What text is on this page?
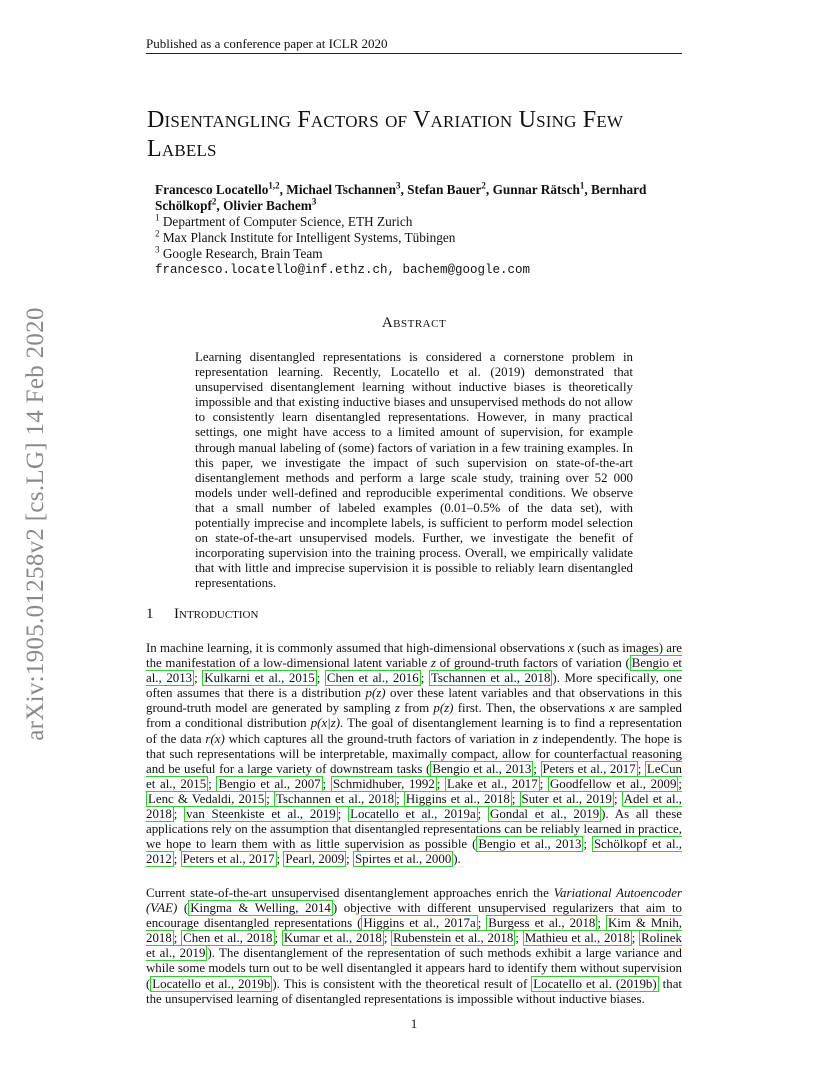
Published as a conference paper at ICLR 2020
arXiv:1905.01258v2 [cs.LG] 14 Feb 2020
Disentangling Factors of Variation Using Few Labels
Francesco Locatello$^{1,2}$, Michael Tschannen$^3$, Stefan Bauer$^2$, Gunnar Rätsch$^1$, Bernhard Schölkopf$^2$, Olivier Bachem$^3$
$^1$ Department of Computer Science, ETH Zurich
$^2$ Max Planck Institute for Intelligent Systems, Tübingen
$^3$ Google Research, Brain Team
francesco.locatello@inf.ethz.ch, bachem@google.com
Abstract
Learning disentangled representations is considered a cornerstone problem in representation learning. Recently, Locatello et al. (2019) demonstrated that unsupervised disentanglement learning without inductive biases is theoretically impossible and that existing inductive biases and unsupervised methods do not allow to consistently learn disentangled representations. However, in many practical settings, one might have access to a limited amount of supervision, for example through manual labeling of (some) factors of variation in a few training examples. In this paper, we investigate the impact of such supervision on state-of-the-art disentanglement methods and perform a large scale study, training over 52 000 models under well-defined and reproducible experimental conditions. We observe that a small number of labeled examples (0.01–0.5% of the data set), with potentially imprecise and incomplete labels, is sufficient to perform model selection on state-of-the-art unsupervised models. Further, we investigate the benefit of incorporating supervision into the training process. Overall, we empirically validate that with little and imprecise supervision it is possible to reliably learn disentangled representations.
1 Introduction
In machine learning, it is commonly assumed that high-dimensional observations x (such as images) are the manifestation of a low-dimensional latent variable z of ground-truth factors of variation ( Bengio et al., 2013 ; Kulkarni et al., 2015 ; Chen et al., 2016 ; Tschannen et al., 2018 ). More specifically, one often assumes that there is a distribution p(z) over these latent variables and that observations in this ground-truth model are generated by sampling z from p(z) first. Then, the observations x are sampled from a conditional distribution p(x|z). The goal of disentanglement learning is to find a representation of the data r(x) which captures all the ground-truth factors of variation in z independently. The hope is that such representations will be interpretable, maximally compact, allow for counterfactual reasoning and be useful for a large variety of downstream tasks ( Bengio et al., 2013 ; Peters et al., 2017 ; LeCun et al., 2015 ; Bengio et al., 2007 ; Schmidhuber, 1992 ; Lake et al., 2017 ; Goodfellow et al., 2009 ; Lenc & Vedaldi, 2015 ; Tschannen et al., 2018 ; Higgins et al., 2018 ; Suter et al., 2019 ; Adel et al., 2018 ; van Steenkiste et al., 2019 ; Locatello et al., 2019a ; Gondal et al., 2019 ). As all these applications rely on the assumption that disentangled representations can be reliably learned in practice, we hope to learn them with as little supervision as possible ( Bengio et al., 2013 ; Schölkopf et al., 2012 ; Peters et al., 2017 ; Pearl, 2009 ; Spirtes et al., 2000 ).
Current state-of-the-art unsupervised disentanglement approaches enrich the Variational Autoencoder (VAE) ( Kingma & Welling, 2014 ) objective with different unsupervised regularizers that aim to encourage disentangled representations ( Higgins et al., 2017a ; Burgess et al., 2018 ; Kim & Mnih, 2018 ; Chen et al., 2018 ; Kumar et al., 2018 ; Rubenstein et al., 2018 ; Mathieu et al., 2018 ; Rolinek et al., 2019 ). The disentanglement of the representation of such methods exhibit a large variance and while some models turn out to be well disentangled it appears hard to identify them without supervision ( Locatello et al., 2019b ). This is consistent with the theoretical result of Locatello et al. (2019b) that the unsupervised learning of disentangled representations is impossible without inductive biases.
1
